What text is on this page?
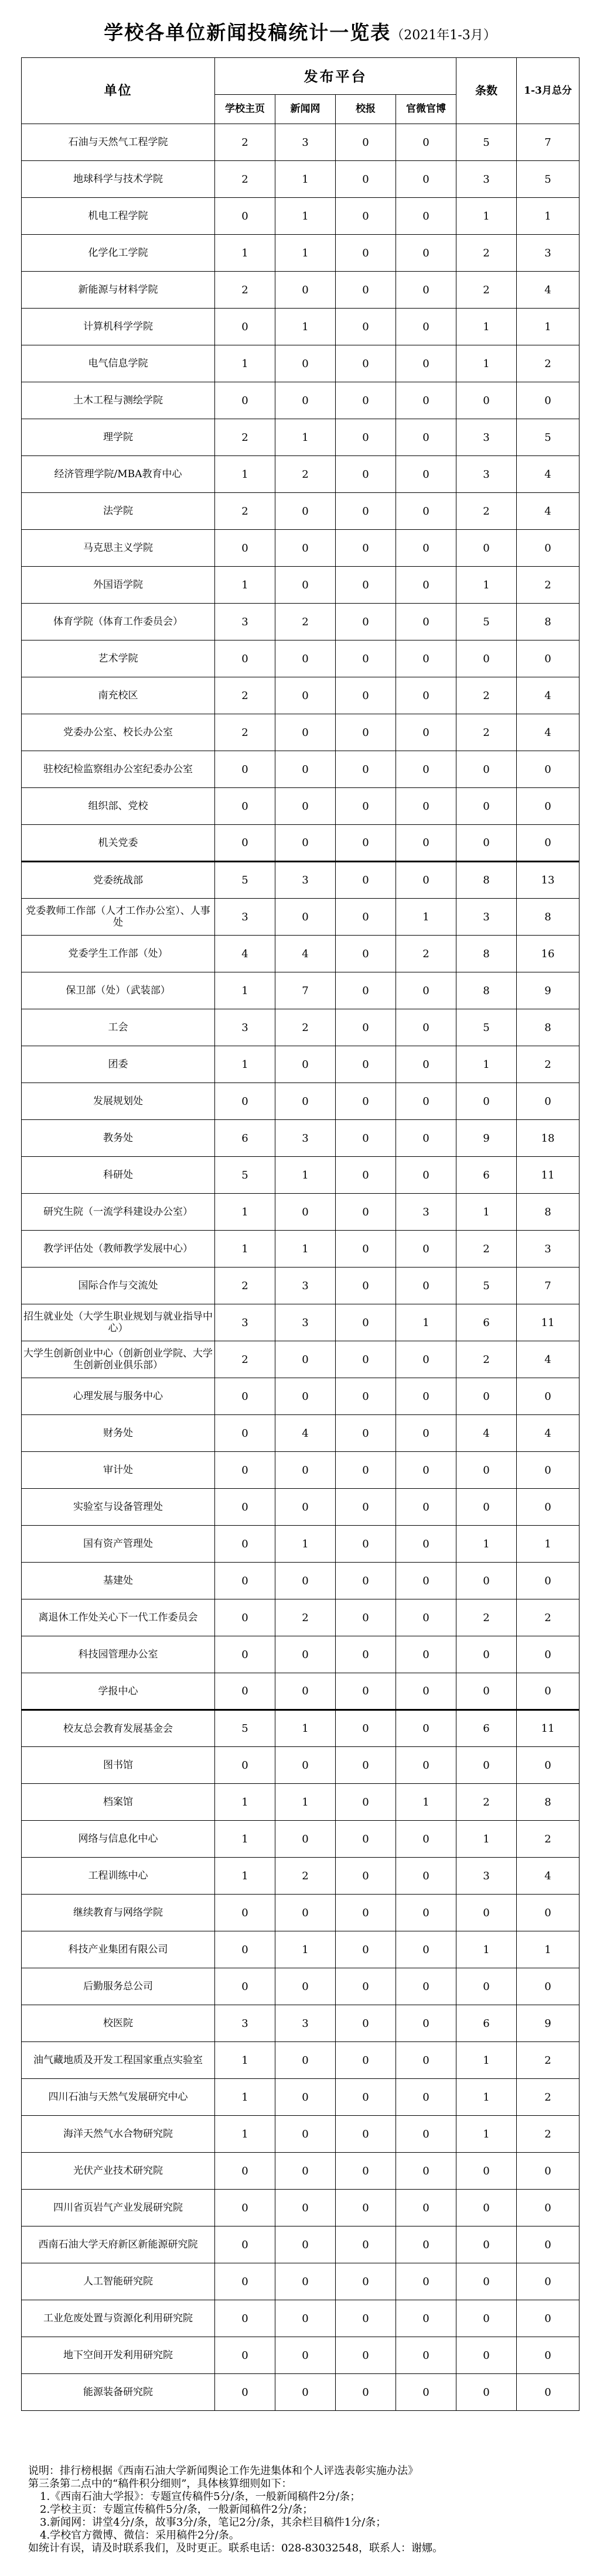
学校各单位新闻投稿统计一览表（2021年1-3月）
单位	发布平台				条数	1-3月总分
	学校主页	新闻网	校报	官微官博		
石油与天然气工程学院	2	3	0	0	5	7
地球科学与技术学院	2	1	0	0	3	5
机电工程学院	0	1	0	0	1	1
化学化工学院	1	1	0	0	2	3
新能源与材料学院	2	0	0	0	2	4
计算机科学学院	0	1	0	0	1	1
电气信息学院	1	0	0	0	1	2
土木工程与测绘学院	0	0	0	0	0	0
理学院	2	1	0	0	3	5
经济管理学院/MBA教育中心	1	2	0	0	3	4
法学院	2	0	0	0	2	4
马克思主义学院	0	0	0	0	0	0
外国语学院	1	0	0	0	1	2
体育学院（体育工作委员会）	3	2	0	0	5	8
艺术学院	0	0	0	0	0	0
南充校区	2	0	0	0	2	4
党委办公室、校长办公室	2	0	0	0	2	4
驻校纪检监察组办公室纪委办公室	0	0	0	0	0	0
组织部、党校	0	0	0	0	0	0
机关党委	0	0	0	0	0	0
党委统战部	5	3	0	0	8	13
党委教师工作部（人才工作办公室）、人事处	3	0	0	1	3	8
党委学生工作部（处）	4	4	0	2	8	16
保卫部（处）（武装部）	1	7	0	0	8	9
工会	3	2	0	0	5	8
团委	1	0	0	0	1	2
发展规划处	0	0	0	0	0	0
教务处	6	3	0	0	9	18
科研处	5	1	0	0	6	11
研究生院（一流学科建设办公室）	1	0	0	3	1	8
教学评估处（教师教学发展中心）	1	1	0	0	2	3
国际合作与交流处	2	3	0	0	5	7
招生就业处（大学生职业规划与就业指导中心）	3	3	0	1	6	11
大学生创新创业中心（创新创业学院、大学生创新创业俱乐部）	2	0	0	0	2	4
心理发展与服务中心	0	0	0	0	0	0
财务处	0	4	0	0	4	4
审计处	0	0	0	0	0	0
实验室与设备管理处	0	0	0	0	0	0
国有资产管理处	0	1	0	0	1	1
基建处	0	0	0	0	0	0
离退休工作处关心下一代工作委员会	0	2	0	0	2	2
科技园管理办公室	0	0	0	0	0	0
学报中心	0	0	0	0	0	0
校友总会教育发展基金会	5	1	0	0	6	11
图书馆	0	0	0	0	0	0
档案馆	1	1	0	1	2	8
网络与信息化中心	1	0	0	0	1	2
工程训练中心	1	2	0	0	3	4
继续教育与网络学院	0	0	0	0	0	0
科技产业集团有限公司	0	1	0	0	1	1
后勤服务总公司	0	0	0	0	0	0
校医院	3	3	0	0	6	9
油气藏地质及开发工程国家重点实验室	1	0	0	0	1	2
四川石油与天然气发展研究中心	1	0	0	0	1	2
海洋天然气水合物研究院	1	0	0	0	1	2
光伏产业技术研究院	0	0	0	0	0	0
四川省页岩气产业发展研究院	0	0	0	0	0	0
西南石油大学天府新区新能源研究院	0	0	0	0	0	0
人工智能研究院	0	0	0	0	0	0
工业危废处置与资源化利用研究院	0	0	0	0	0	0
地下空间开发利用研究院	0	0	0	0	0	0
能源装备研究院	0	0	0	0	0	0

说明：排行榜根据《西南石油大学新闻舆论工作先进集体和个人评选表彰实施办法》

第三条第二点中的“稿件积分细则”，具体核算细则如下：

1.《西南石油大学报》：专题宣传稿件5分/条，一般新闻稿件2分/条；

2.学校主页：专题宣传稿件5分/条，一般新闻稿件2分/条；

3.新闻网：讲堂4分/条，故事3分/条，笔记2分/条，其余栏目稿件1分/条；

4.学校官方微博、微信：采用稿件2分/条。

如统计有误，请及时联系我们，及时更正。联系电话：028-83032548，联系人：谢娜。
